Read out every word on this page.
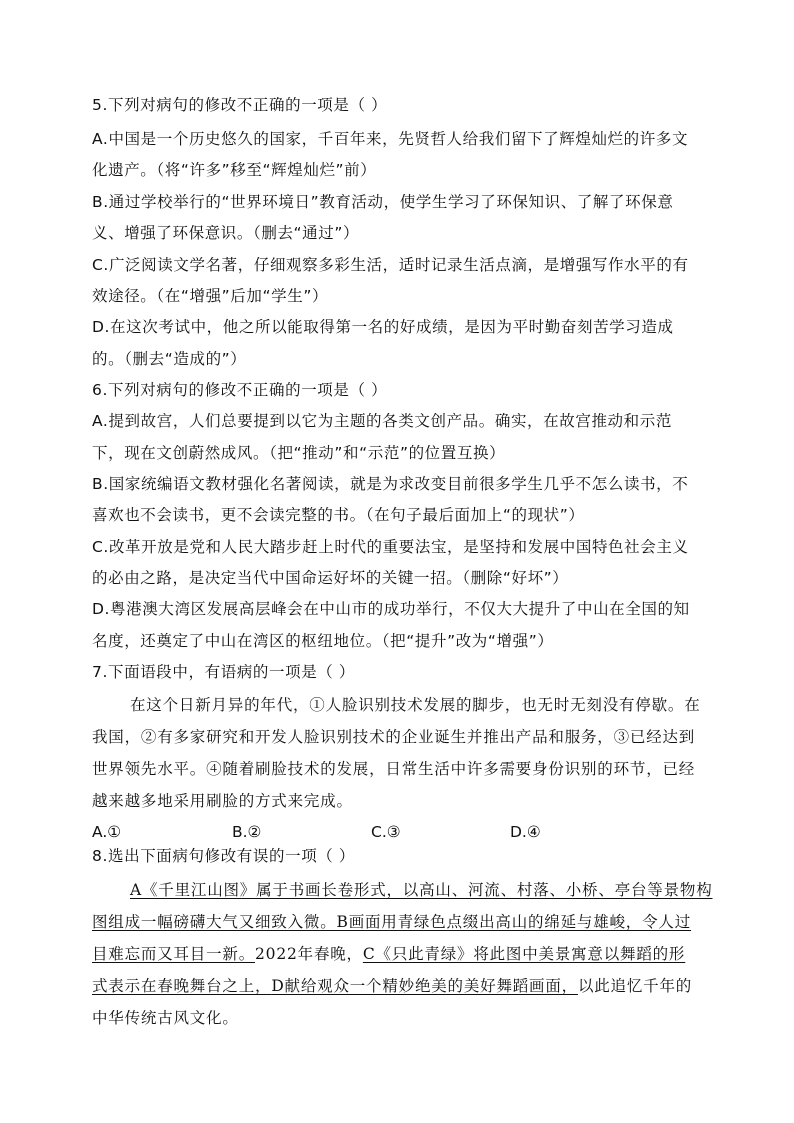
5.下列对病句的修改不正确的一项是（ ）
A.中国是一个历史悠久的国家，千百年来，先贤哲人给我们留下了辉煌灿烂的许多文
化遗产。（将“许多”移至“辉煌灿烂”前）
B.通过学校举行的“世界环境日”教育活动，使学生学习了环保知识、了解了环保意
义、增强了环保意识。（删去“通过”）
C.广泛阅读文学名著，仔细观察多彩生活，适时记录生活点滴，是增强写作水平的有
效途径。（在“增强”后加“学生”）
D.在这次考试中，他之所以能取得第一名的好成绩，是因为平时勤奋刻苦学习造成
的。（删去“造成的”）
6.下列对病句的修改不正确的一项是（ ）
A.提到故宫，人们总要提到以它为主题的各类文创产品。确实，在故宫推动和示范
下，现在文创蔚然成风。（把“推动”和“示范”的位置互换）
B.国家统编语文教材强化名著阅读，就是为求改变目前很多学生几乎不怎么读书，不
喜欢也不会读书，更不会读完整的书。（在句子最后面加上“的现状”）
C.改革开放是党和人民大踏步赶上时代的重要法宝，是坚持和发展中国特色社会主义
的必由之路，是决定当代中国命运好坏的关键一招。（删除“好坏”）
D.粤港澳大湾区发展高层峰会在中山市的成功举行，不仅大大提升了中山在全国的知
名度，还奠定了中山在湾区的枢纽地位。（把“提升”改为“增强”）
7.下面语段中，有语病的一项是（ ）
在这个日新月异的年代，①人脸识别技术发展的脚步，也无时无刻没有停歇。在
我国，②有多家研究和开发人脸识别技术的企业诞生并推出产品和服务，③已经达到
世界领先水平。④随着刷脸技术的发展，日常生活中许多需要身份识别的环节，已经
越来越多地采用刷脸的方式来完成。
A.①	B.②	C.③	D.④
8.选出下面病句修改有误的一项（ ）
A《千里江山图》属于书画长卷形式，以高山、河流、村落、小桥、亭台等景物构
图组成一幅磅礴大气又细致入微。B画面用青绿色点缀出高山的绵延与雄峻，令人过
目难忘而又耳目一新。2022年春晚，C《只此青绿》将此图中美景寓意以舞蹈的形
式表示在春晚舞台之上，D献给观众一个精妙绝美的美好舞蹈画面，以此追忆千年的
中华传统古风文化。
